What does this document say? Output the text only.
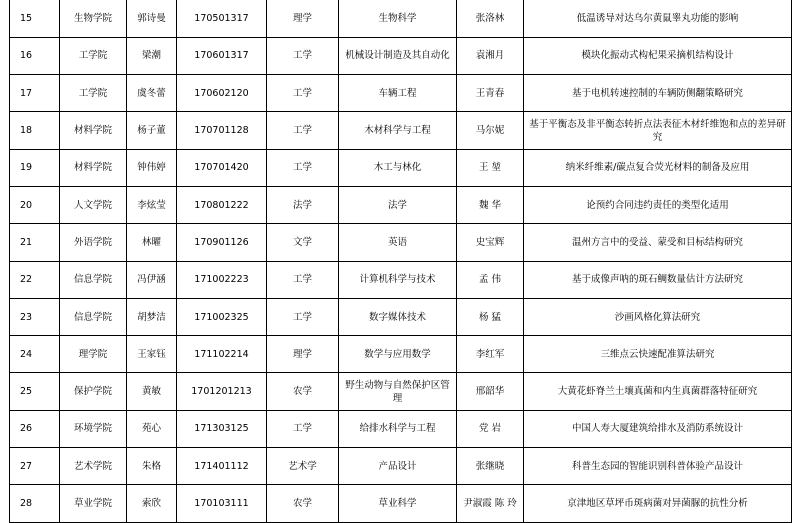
15	生物学院	郭诗曼	170501317	理学	生物科学	张洛林	低温诱导对达乌尔黄鼠睾丸功能的影响
16	工学院	梁潮	170601317	工学	机械设计制造及其自动化	袁湘月	模块化振动式构杞果采摘机结构设计
17	工学院	虞冬蕾	170602120	工学	车辆工程	王青春	基于电机转速控制的车辆防侧翻策略研究
18	材料学院	杨子董	170701128	工学	木材科学与工程	马尔妮	基于平衡态及非平衡态转折点法表征木材纤维饱和点的差异研究
19	材料学院	钟伟婷	170701420	工学	木工与林化	王 堃	纳米纤维素/碳点复合荧光材料的制备及应用
20	人文学院	李炫莹	170801222	法学	法学	魏 华	论预约合同违约责任的类型化适用
21	外语学院	林曜	170901126	文学	英语	史宝辉	温州方言中的受益、蒙受和目标结构研究
22	信息学院	冯伊涵	171002223	工学	计算机科学与技术	孟 伟	基于成像声呐的斑石鲷数量估计方法研究
23	信息学院	胡梦洁	171002325	工学	数字媒体技术	杨 猛	沙画风格化算法研究
24	理学院	王家钰	171102214	理学	数学与应用数学	李红军	三维点云快速配准算法研究
25	保护学院	黄敏	1701201213	农学	野生动物与自然保护区管理	邢韶华	大黄花虾脊兰土壤真菌和内生真菌群落特征研究
26	环境学院	苑心	171303125	工学	给排水科学与工程	党 岩	中国人寿大厦建筑给排水及消防系统设计
27	艺术学院	朱格	171401112	艺术学	产品设计	张继晓	科普生态园的智能识别科普体验产品设计
28	草业学院	索欣	170103111	农学	草业科学	尹淑霞 陈 玲	京津地区草坪币斑病菌对异菌脲的抗性分析
